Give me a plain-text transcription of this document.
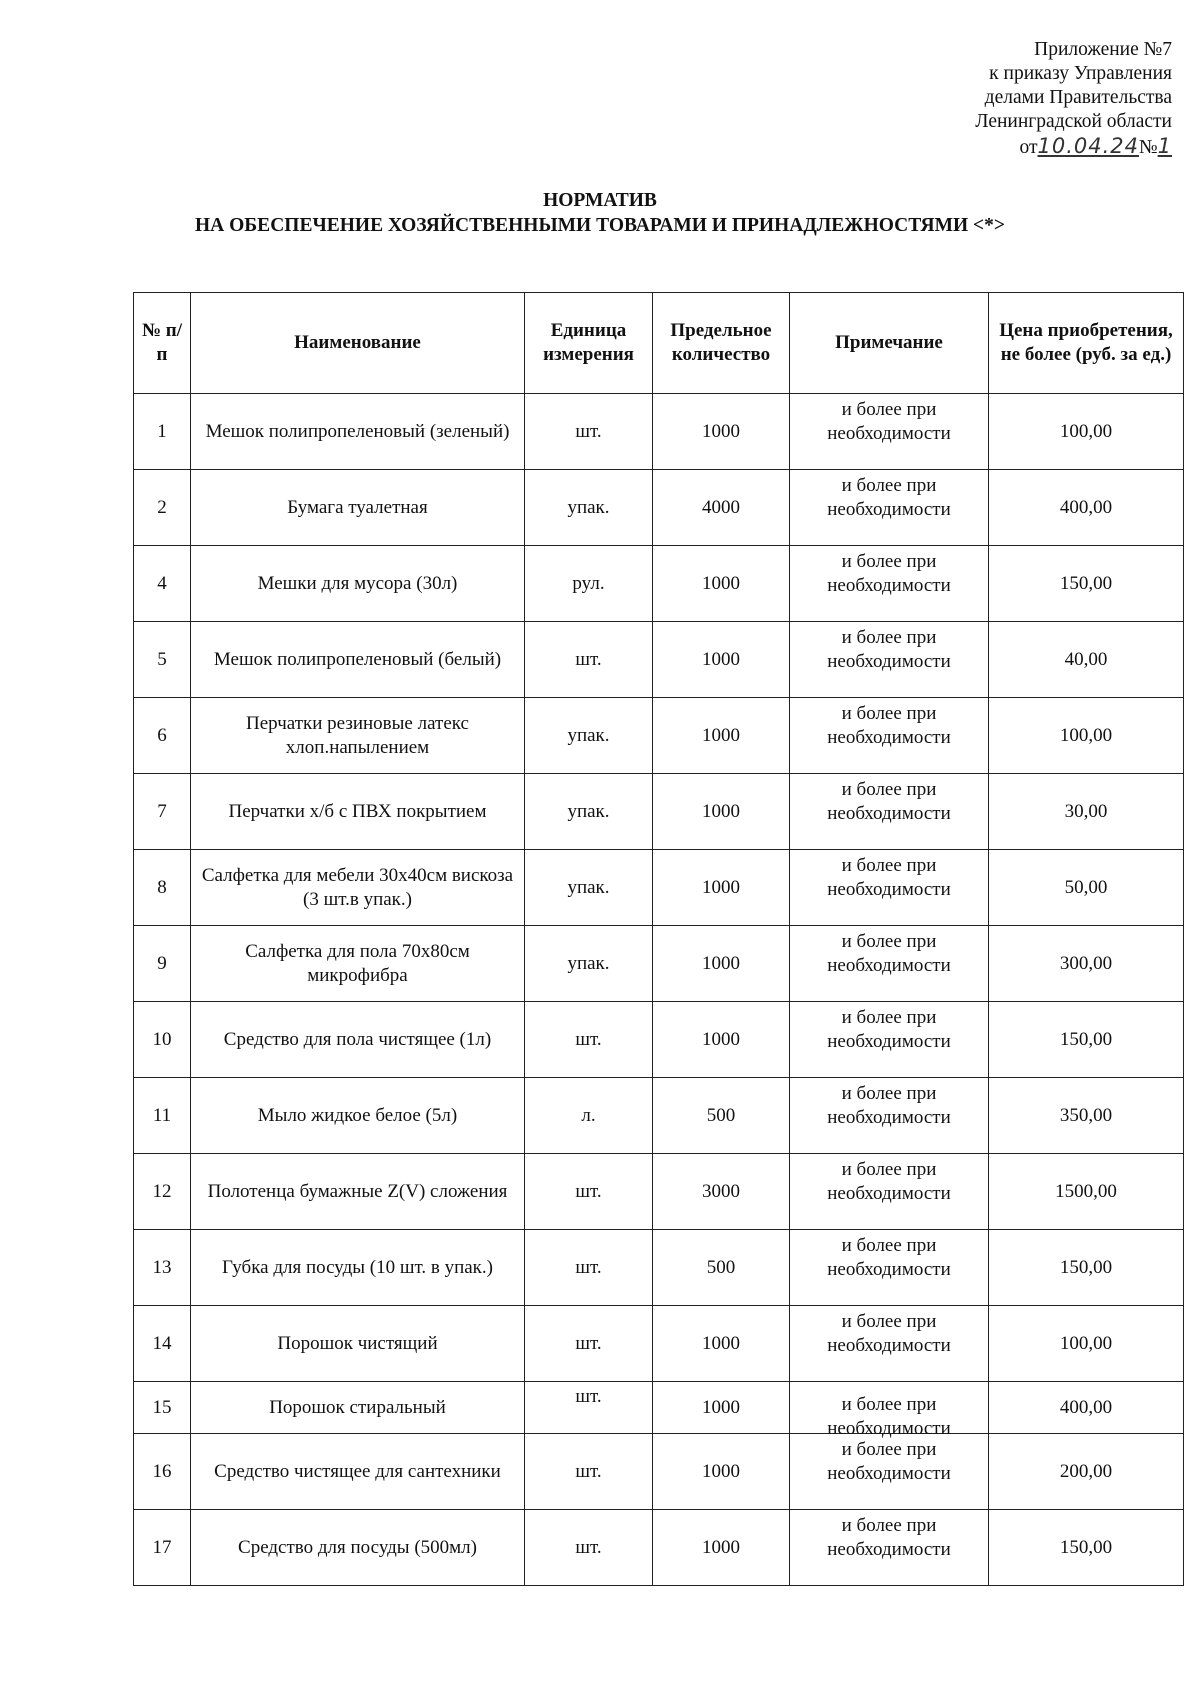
Приложение №7
к приказу Управления
делами Правительства
Ленинградской области
от10.04.24№1
НОРМАТИВ
НА ОБЕСПЕЧЕНИЕ ХОЗЯЙСТВЕННЫМИ ТОВАРАМИ И ПРИНАДЛЕЖНОСТЯМИ <*>
№ п/п	Наименование	Единица измерения	Предельное количество	Примечание	Цена приобретения, не более (руб. за ед.)
1	Мешок полипропеленовый (зеленый)	шт.	1000	и более при необходимости	100,00
2	Бумага туалетная	упак.	4000	и более при необходимости	400,00
4	Мешки для мусора (30л)	рул.	1000	и более при необходимости	150,00
5	Мешок полипропеленовый (белый)	шт.	1000	и более при необходимости	40,00
6	Перчатки резиновые латекс хлоп.напылением	упак.	1000	и более при необходимости	100,00
7	Перчатки х/б с ПВХ покрытием	упак.	1000	и более при необходимости	30,00
8	Салфетка для мебели 30х40см вискоза (3 шт.в упак.)	упак.	1000	и более при необходимости	50,00
9	Салфетка для пола 70х80см микрофибра	упак.	1000	и более при необходимости	300,00
10	Средство для пола чистящее (1л)	шт.	1000	и более при необходимости	150,00
11	Мыло жидкое белое (5л)	л.	500	и более при необходимости	350,00
12	Полотенца бумажные Z(V) сложения	шт.	3000	и более при необходимости	1500,00
13	Губка для посуды (10 шт. в упак.)	шт.	500	и более при необходимости	150,00
14	Порошок чистящий	шт.	1000	и более при необходимости	100,00
15	Порошок стиральный	шт.	1000	и более при необходимости	400,00
16	Средство чистящее для сантехники	шт.	1000	и более при необходимости	200,00
17	Средство для посуды (500мл)	шт.	1000	и более при необходимости	150,00
